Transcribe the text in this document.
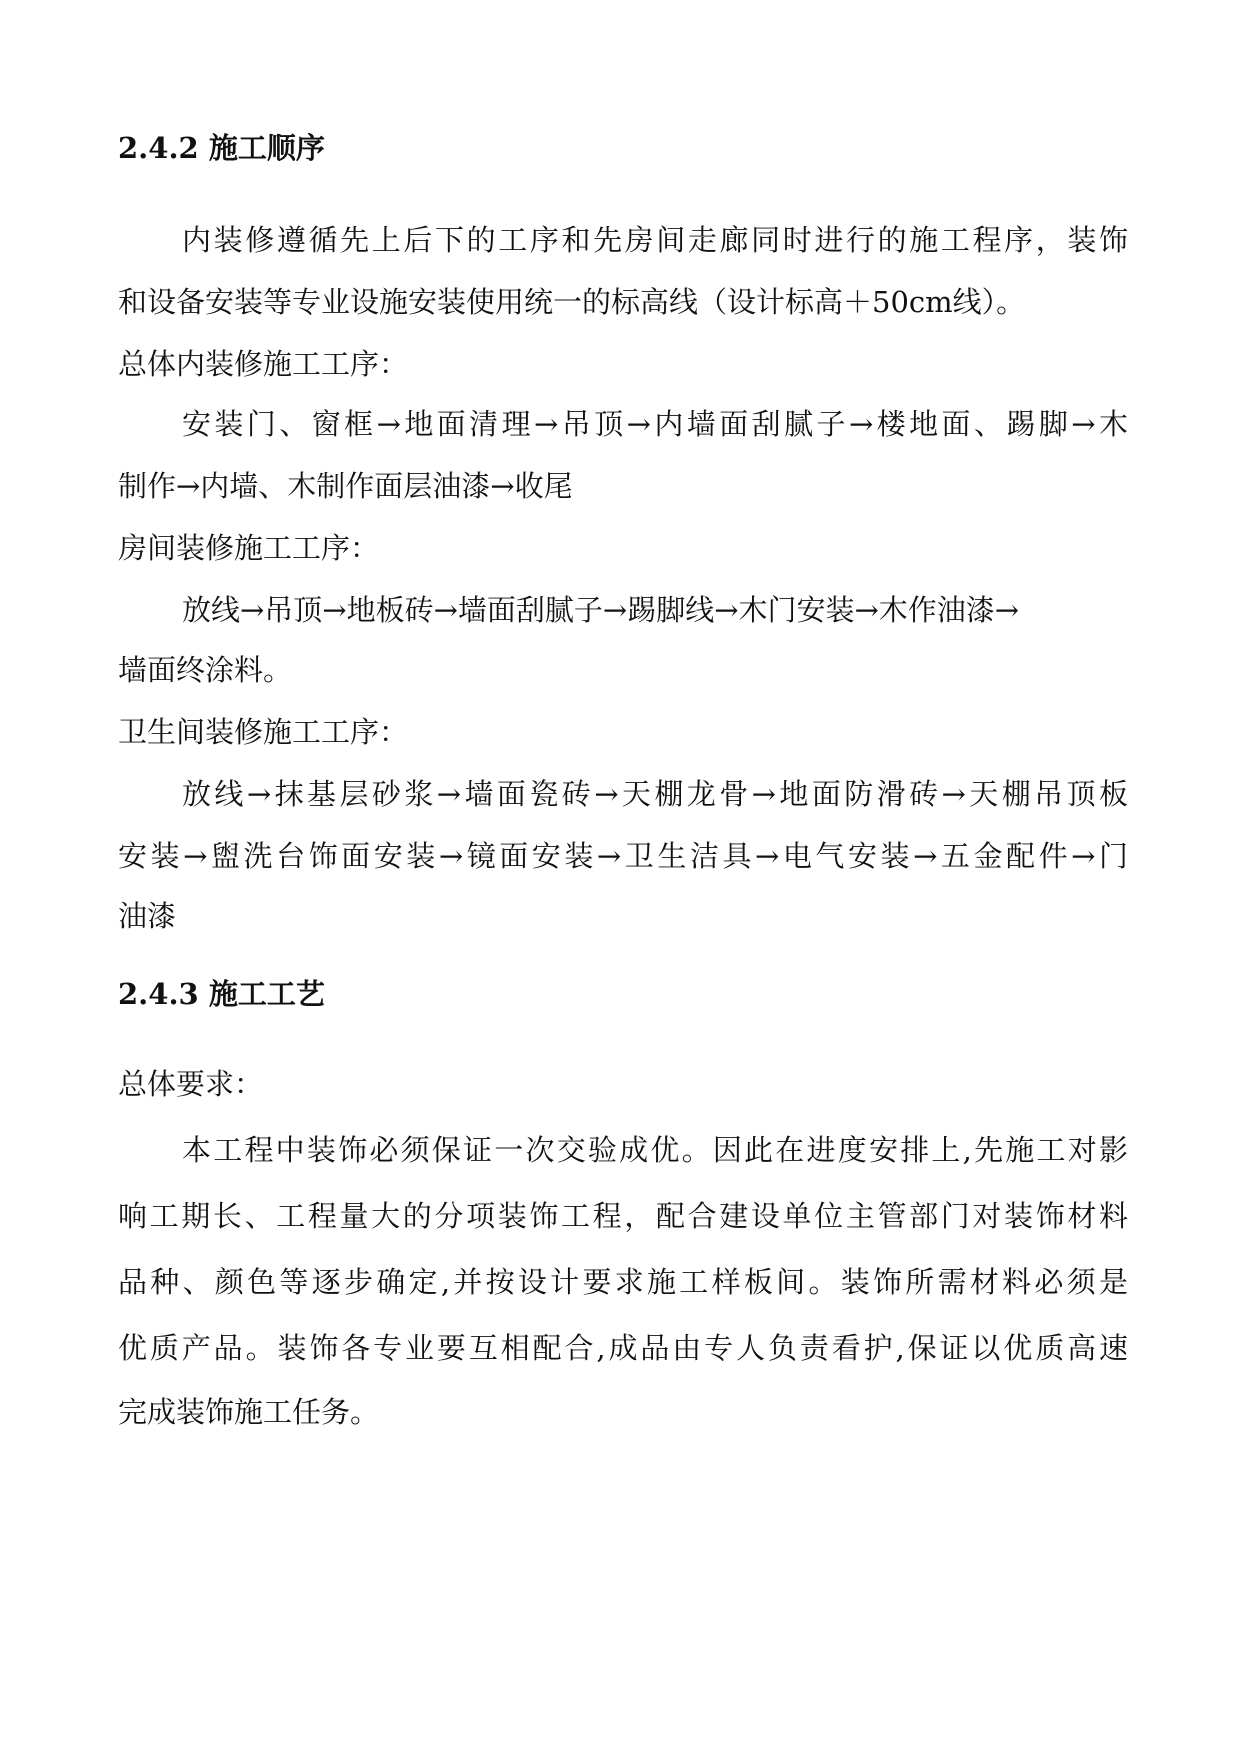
2.4.2 施工顺序
内装修遵循先上后下的工序和先房间走廊同时进行的施工程序，装饰
和设备安装等专业设施安装使用统一的标高线（设计标高＋50cm线）。
总体内装修施工工序：
安装门、窗框→地面清理→吊顶→内墙面刮腻子→楼地面、踢脚→木
制作→内墙、木制作面层油漆→收尾
房间装修施工工序：
放线→吊顶→地板砖→墙面刮腻子→踢脚线→木门安装→木作油漆→
墙面终涂料。
卫生间装修施工工序：
放线→抹基层砂浆→墙面瓷砖→天棚龙骨→地面防滑砖→天棚吊顶板
安装→盥洗台饰面安装→镜面安装→卫生洁具→电气安装→五金配件→门
油漆
2.4.3 施工工艺
总体要求：
本工程中装饰必须保证一次交验成优。因此在进度安排上,先施工对影
响工期长、工程量大的分项装饰工程，配合建设单位主管部门对装饰材料
品种、颜色等逐步确定,并按设计要求施工样板间。装饰所需材料必须是
优质产品。装饰各专业要互相配合,成品由专人负责看护,保证以优质高速
完成装饰施工任务。
